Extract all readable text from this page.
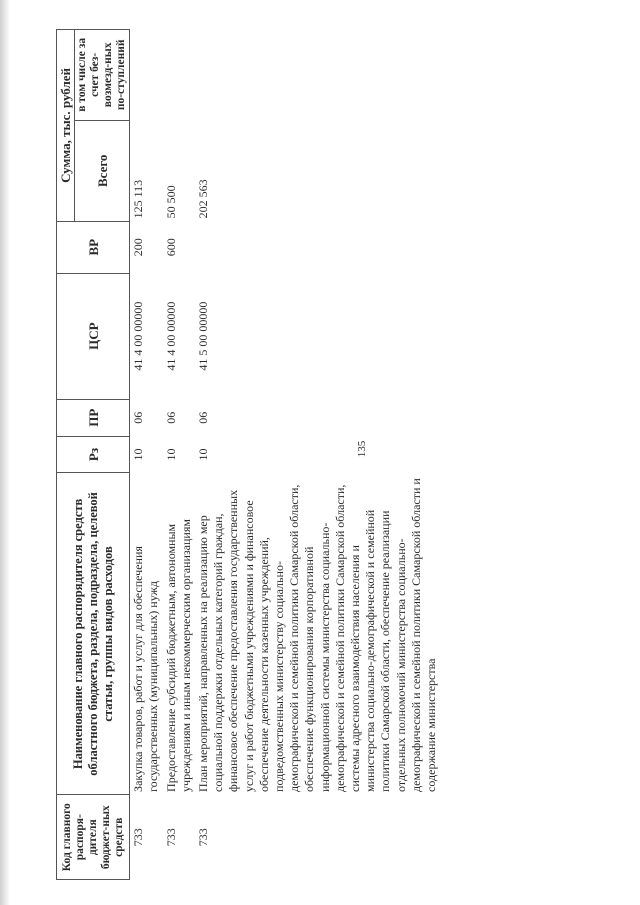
135
Код главного распоря-дителя бюджет-ных средств	Наименование главного распорядителя средств областного бюджета, раздела, подраздела, целевой статьи, группы видов расходов	Рз	ПР	ЦСР	ВР	Сумма, тыс. рублей	
						Всего	в том числе за счет без-возмезд-ных по-ступлений
733	Закупка товаров, работ и услуг для обеспечения государственных (муниципальных) нужд	10	06	41 4 00 00000	200	125 113	
733	Предоставление субсидий бюджетным, автономным учреждениям и иным некоммерческим организациям	10	06	41 4 00 00000	600	50 500	
733	План мероприятий, направленных на реализацию мер социальной поддержки отдельных категорий граждан, финансовое обеспечение предоставления государственных услуг и работ бюджетными учреждениями и финансовое обеспечение деятельности казенных учреждений, подведомственных министерству социально-демографической и семейной политики Самарской области, обеспечение функционирования корпоративной информационной системы министерства социально-демографической и семейной политики Самарской области, системы адресного взаимодействия населения и министерства социально-демографической и семейной политики Самарской области, обеспечение реализации отдельных полномочий министерства социально-демографической и семейной политики Самарской области и содержание министерства	10	06	41 5 00 00000		202 563	
